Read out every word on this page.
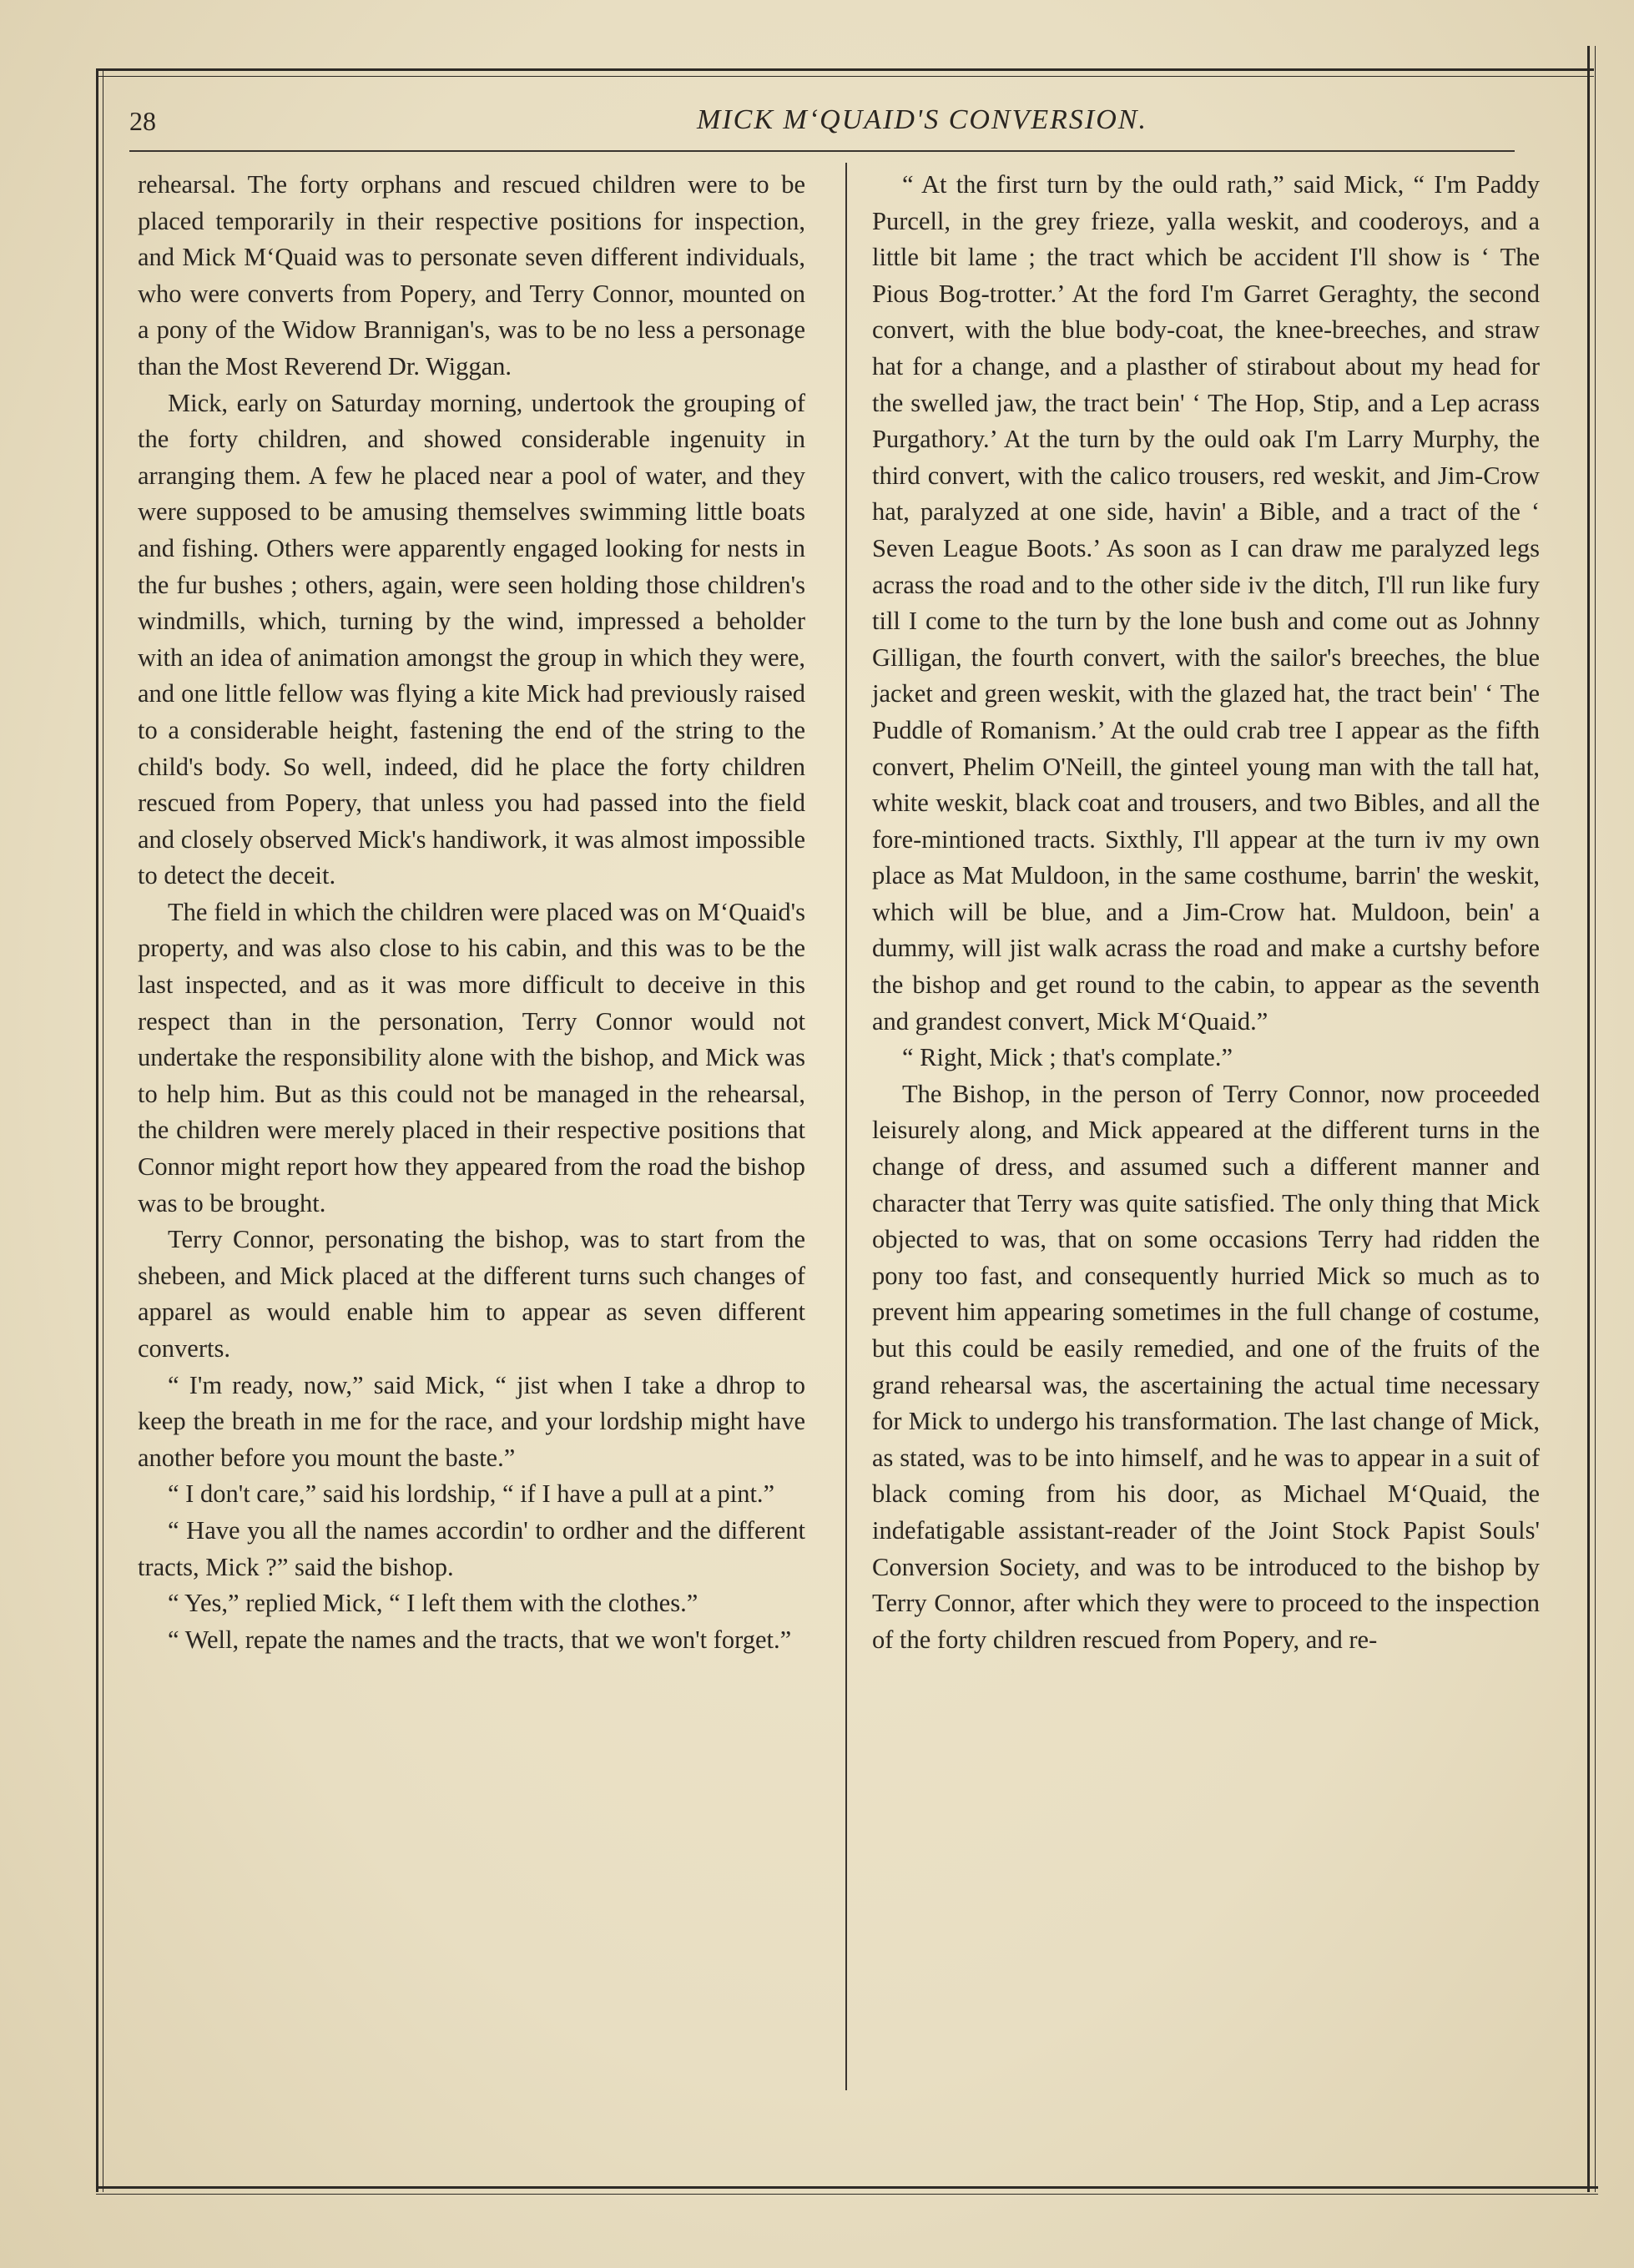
28	MICK M‘QUAID'S CONVERSION.

rehearsal. The forty orphans and rescued children were to be placed temporarily in their respective positions for inspection, and Mick M‘Quaid was to personate seven different individuals, who were converts from Popery, and Terry Connor, mounted on a pony of the Widow Brannigan's, was to be no less a personage than the Most Reverend Dr. Wiggan.

Mick, early on Saturday morning, undertook the grouping of the forty children, and showed considerable ingenuity in arranging them. A few he placed near a pool of water, and they were supposed to be amusing themselves swimming little boats and fishing. Others were apparently engaged looking for nests in the fur bushes ; others, again, were seen holding those children's windmills, which, turning by the wind, impressed a beholder with an idea of animation amongst the group in which they were, and one little fellow was flying a kite Mick had previously raised to a considerable height, fastening the end of the string to the child's body. So well, indeed, did he place the forty children rescued from Popery, that unless you had passed into the field and closely observed Mick's handiwork, it was almost impossible to detect the deceit.

The field in which the children were placed was on M‘Quaid's property, and was also close to his cabin, and this was to be the last inspected, and as it was more difficult to deceive in this respect than in the personation, Terry Connor would not undertake the responsibility alone with the bishop, and Mick was to help him. But as this could not be managed in the rehearsal, the children were merely placed in their respective positions that Connor might report how they appeared from the road the bishop was to be brought.

Terry Connor, personating the bishop, was to start from the shebeen, and Mick placed at the different turns such changes of apparel as would enable him to appear as seven different converts.

“ I'm ready, now,” said Mick, “ jist when I take a dhrop to keep the breath in me for the race, and your lordship might have another before you mount the baste.”

“ I don't care,” said his lordship, “ if I have a pull at a pint.”

“ Have you all the names accordin' to ordher and the different tracts, Mick ?” said the bishop.

“ Yes,” replied Mick, “ I left them with the clothes.”

“ Well, repate the names and the tracts, that we won't forget.”

“ At the first turn by the ould rath,” said Mick, “ I'm Paddy Purcell, in the grey frieze, yalla weskit, and cooderoys, and a little bit lame ; the tract which be accident I'll show is ‘ The Pious Bog-trotter.’ At the ford I'm Garret Geraghty, the second convert, with the blue body-coat, the knee-breeches, and straw hat for a change, and a plasther of stirabout about my head for the swelled jaw, the tract bein' ‘ The Hop, Stip, and a Lep acrass Purgathory.’ At the turn by the ould oak I'm Larry Murphy, the third convert, with the calico trousers, red weskit, and Jim-Crow hat, paralyzed at one side, havin' a Bible, and a tract of the ‘ Seven League Boots.’ As soon as I can draw me paralyzed legs acrass the road and to the other side iv the ditch, I'll run like fury till I come to the turn by the lone bush and come out as Johnny Gilligan, the fourth convert, with the sailor's breeches, the blue jacket and green weskit, with the glazed hat, the tract bein' ‘ The Puddle of Romanism.’ At the ould crab tree I appear as the fifth convert, Phelim O'Neill, the ginteel young man with the tall hat, white weskit, black coat and trousers, and two Bibles, and all the fore-mintioned tracts. Sixthly, I'll appear at the turn iv my own place as Mat Muldoon, in the same costhume, barrin' the weskit, which will be blue, and a Jim-Crow hat. Muldoon, bein' a dummy, will jist walk acrass the road and make a curtshy before the bishop and get round to the cabin, to appear as the seventh and grandest convert, Mick M‘Quaid.”

“ Right, Mick ; that's complate.”

The Bishop, in the person of Terry Connor, now proceeded leisurely along, and Mick appeared at the different turns in the change of dress, and assumed such a different manner and character that Terry was quite satisfied. The only thing that Mick objected to was, that on some occasions Terry had ridden the pony too fast, and consequently hurried Mick so much as to prevent him appearing sometimes in the full change of costume, but this could be easily remedied, and one of the fruits of the grand rehearsal was, the ascertaining the actual time necessary for Mick to undergo his transformation. The last change of Mick, as stated, was to be into himself, and he was to appear in a suit of black coming from his door, as Michael M‘Quaid, the indefatigable assistant-reader of the Joint Stock Papist Souls' Conversion Society, and was to be introduced to the bishop by Terry Connor, after which they were to proceed to the inspection of the forty children rescued from Popery, and re-
